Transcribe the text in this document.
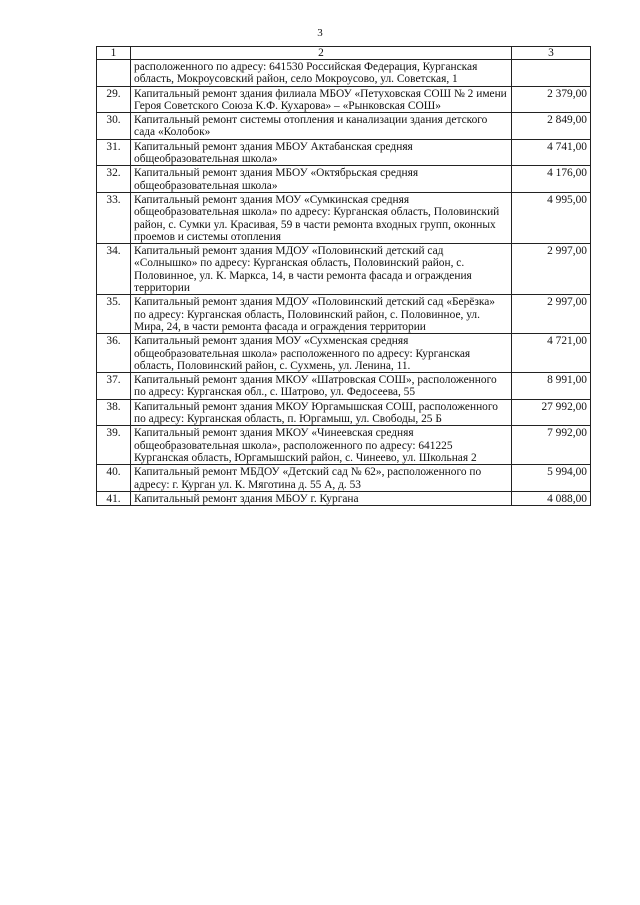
3
1	2	3
	расположенного по адресу: 641530 Российская Федерация, Курганская область, Мокроусовский район, село Мокроусово, ул. Советская, 1	
29.	Капитальный ремонт здания филиала МБОУ «Петуховская СОШ № 2 имени Героя Советского Союза К.Ф. Кухарова» – «Рынковская СОШ»	2 379,00
30.	Капитальный ремонт системы отопления и канализации здания детского сада «Колобок»	2 849,00
31.	Капитальный ремонт здания МБОУ Актабанская средняя общеобразовательная школа»	4 741,00
32.	Капитальный ремонт здания МБОУ «Октябрьская средняя общеобразовательная школа»	4 176,00
33.	Капитальный ремонт здания МОУ «Сумкинская средняя общеобразовательная школа» по адресу: Курганская область, Половинский район, с. Сумки ул. Красивая, 59 в части ремонта входных групп, оконных проемов и системы отопления	4 995,00
34.	Капитальный ремонт здания МДОУ «Половинский детский сад «Солнышко» по адресу: Курганская область, Половинский район, с. Половинное, ул. К. Маркса, 14, в части ремонта фасада и ограждения территории	2 997,00
35.	Капитальный ремонт здания МДОУ «Половинский детский сад «Берёзка» по адресу: Курганская область, Половинский район, с. Половинное, ул. Мира, 24, в части ремонта фасада и ограждения территории	2 997,00
36.	Капитальный ремонт здания МОУ «Сухменская средняя общеобразовательная школа» расположенного по адресу: Курганская область, Половинский район, с. Сухмень, ул. Ленина, 11.	4 721,00
37.	Капитальный ремонт здания МКОУ «Шатровская СОШ», расположенного по адресу: Курганская обл., с. Шатрово, ул. Федосеева, 55	8 991,00
38.	Капитальный ремонт здания МКОУ Юргамышская СОШ, расположенного по адресу: Курганская область, п. Юргамыш, ул. Свободы, 25 Б	27 992,00
39.	Капитальный ремонт здания МКОУ «Чинеевская средняя общеобразовательная школа», расположенного по адресу: 641225 Курганская область, Юргамышский район, с. Чинеево, ул. Школьная 2	7 992,00
40.	Капитальный ремонт МБДОУ «Детский сад № 62», расположенного по адресу: г. Курган ул. К. Мяготина д. 55 А, д. 53	5 994,00
41.	Капитальный ремонт здания МБОУ г. Кургана	4 088,00
